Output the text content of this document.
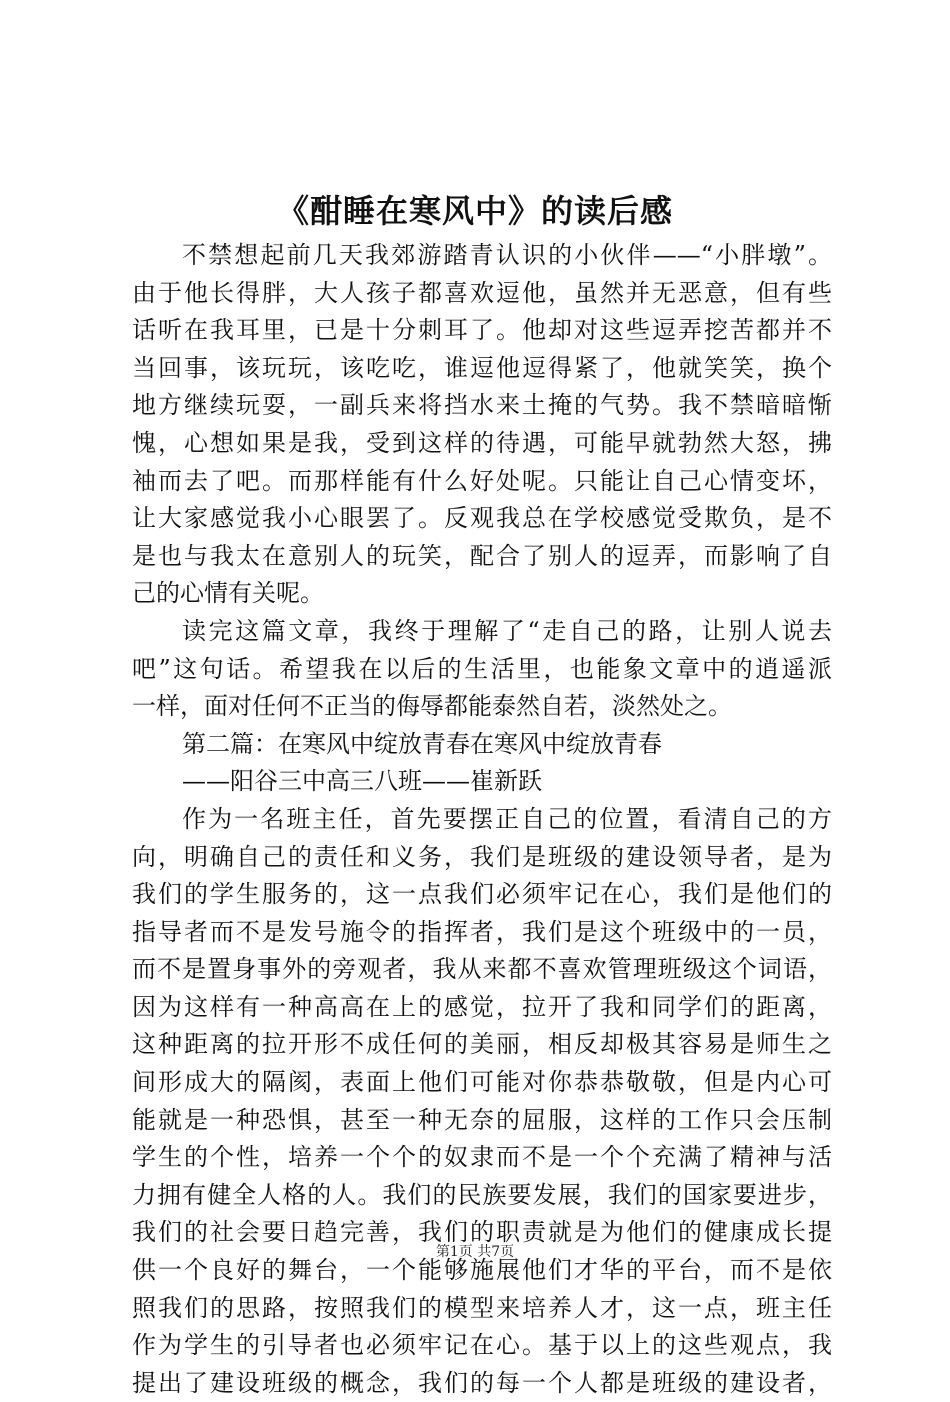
《酣睡在寒风中》的读后感
不禁想起前几天我郊游踏青认识的小伙伴——“小胖墩”。
由于他长得胖，大人孩子都喜欢逗他，虽然并无恶意，但有些
话听在我耳里，已是十分刺耳了。他却对这些逗弄挖苦都并不
当回事，该玩玩，该吃吃，谁逗他逗得紧了，他就笑笑，换个
地方继续玩耍，一副兵来将挡水来土掩的气势。我不禁暗暗惭
愧，心想如果是我，受到这样的待遇，可能早就勃然大怒，拂
袖而去了吧。而那样能有什么好处呢。只能让自己心情变坏，
让大家感觉我小心眼罢了。反观我总在学校感觉受欺负，是不
是也与我太在意别人的玩笑，配合了别人的逗弄，而影响了自
己的心情有关呢。
读完这篇文章，我终于理解了“走自己的路，让别人说去
吧”这句话。希望我在以后的生活里，也能象文章中的逍遥派
一样，面对任何不正当的侮辱都能泰然自若，淡然处之。
第二篇：在寒风中绽放青春在寒风中绽放青春
——阳谷三中高三八班——崔新跃
作为一名班主任，首先要摆正自己的位置，看清自己的方
向，明确自己的责任和义务，我们是班级的建设领导者，是为
我们的学生服务的，这一点我们必须牢记在心，我们是他们的
指导者而不是发号施令的指挥者，我们是这个班级中的一员，
而不是置身事外的旁观者，我从来都不喜欢管理班级这个词语，
因为这样有一种高高在上的感觉，拉开了我和同学们的距离，
这种距离的拉开形不成任何的美丽，相反却极其容易是师生之
间形成大的隔阂，表面上他们可能对你恭恭敬敬，但是内心可
能就是一种恐惧，甚至一种无奈的屈服，这样的工作只会压制
学生的个性，培养一个个的奴隶而不是一个个充满了精神与活
力拥有健全人格的人。我们的民族要发展，我们的国家要进步，
我们的社会要日趋完善，我们的职责就是为他们的健康成长提
供一个良好的舞台，一个能够施展他们才华的平台，而不是依
照我们的思路，按照我们的模型来培养人才，这一点，班主任
作为学生的引导者也必须牢记在心。基于以上的这些观点，我
提出了建设班级的概念，我们的每一个人都是班级的建设者，
第1页 共7页
